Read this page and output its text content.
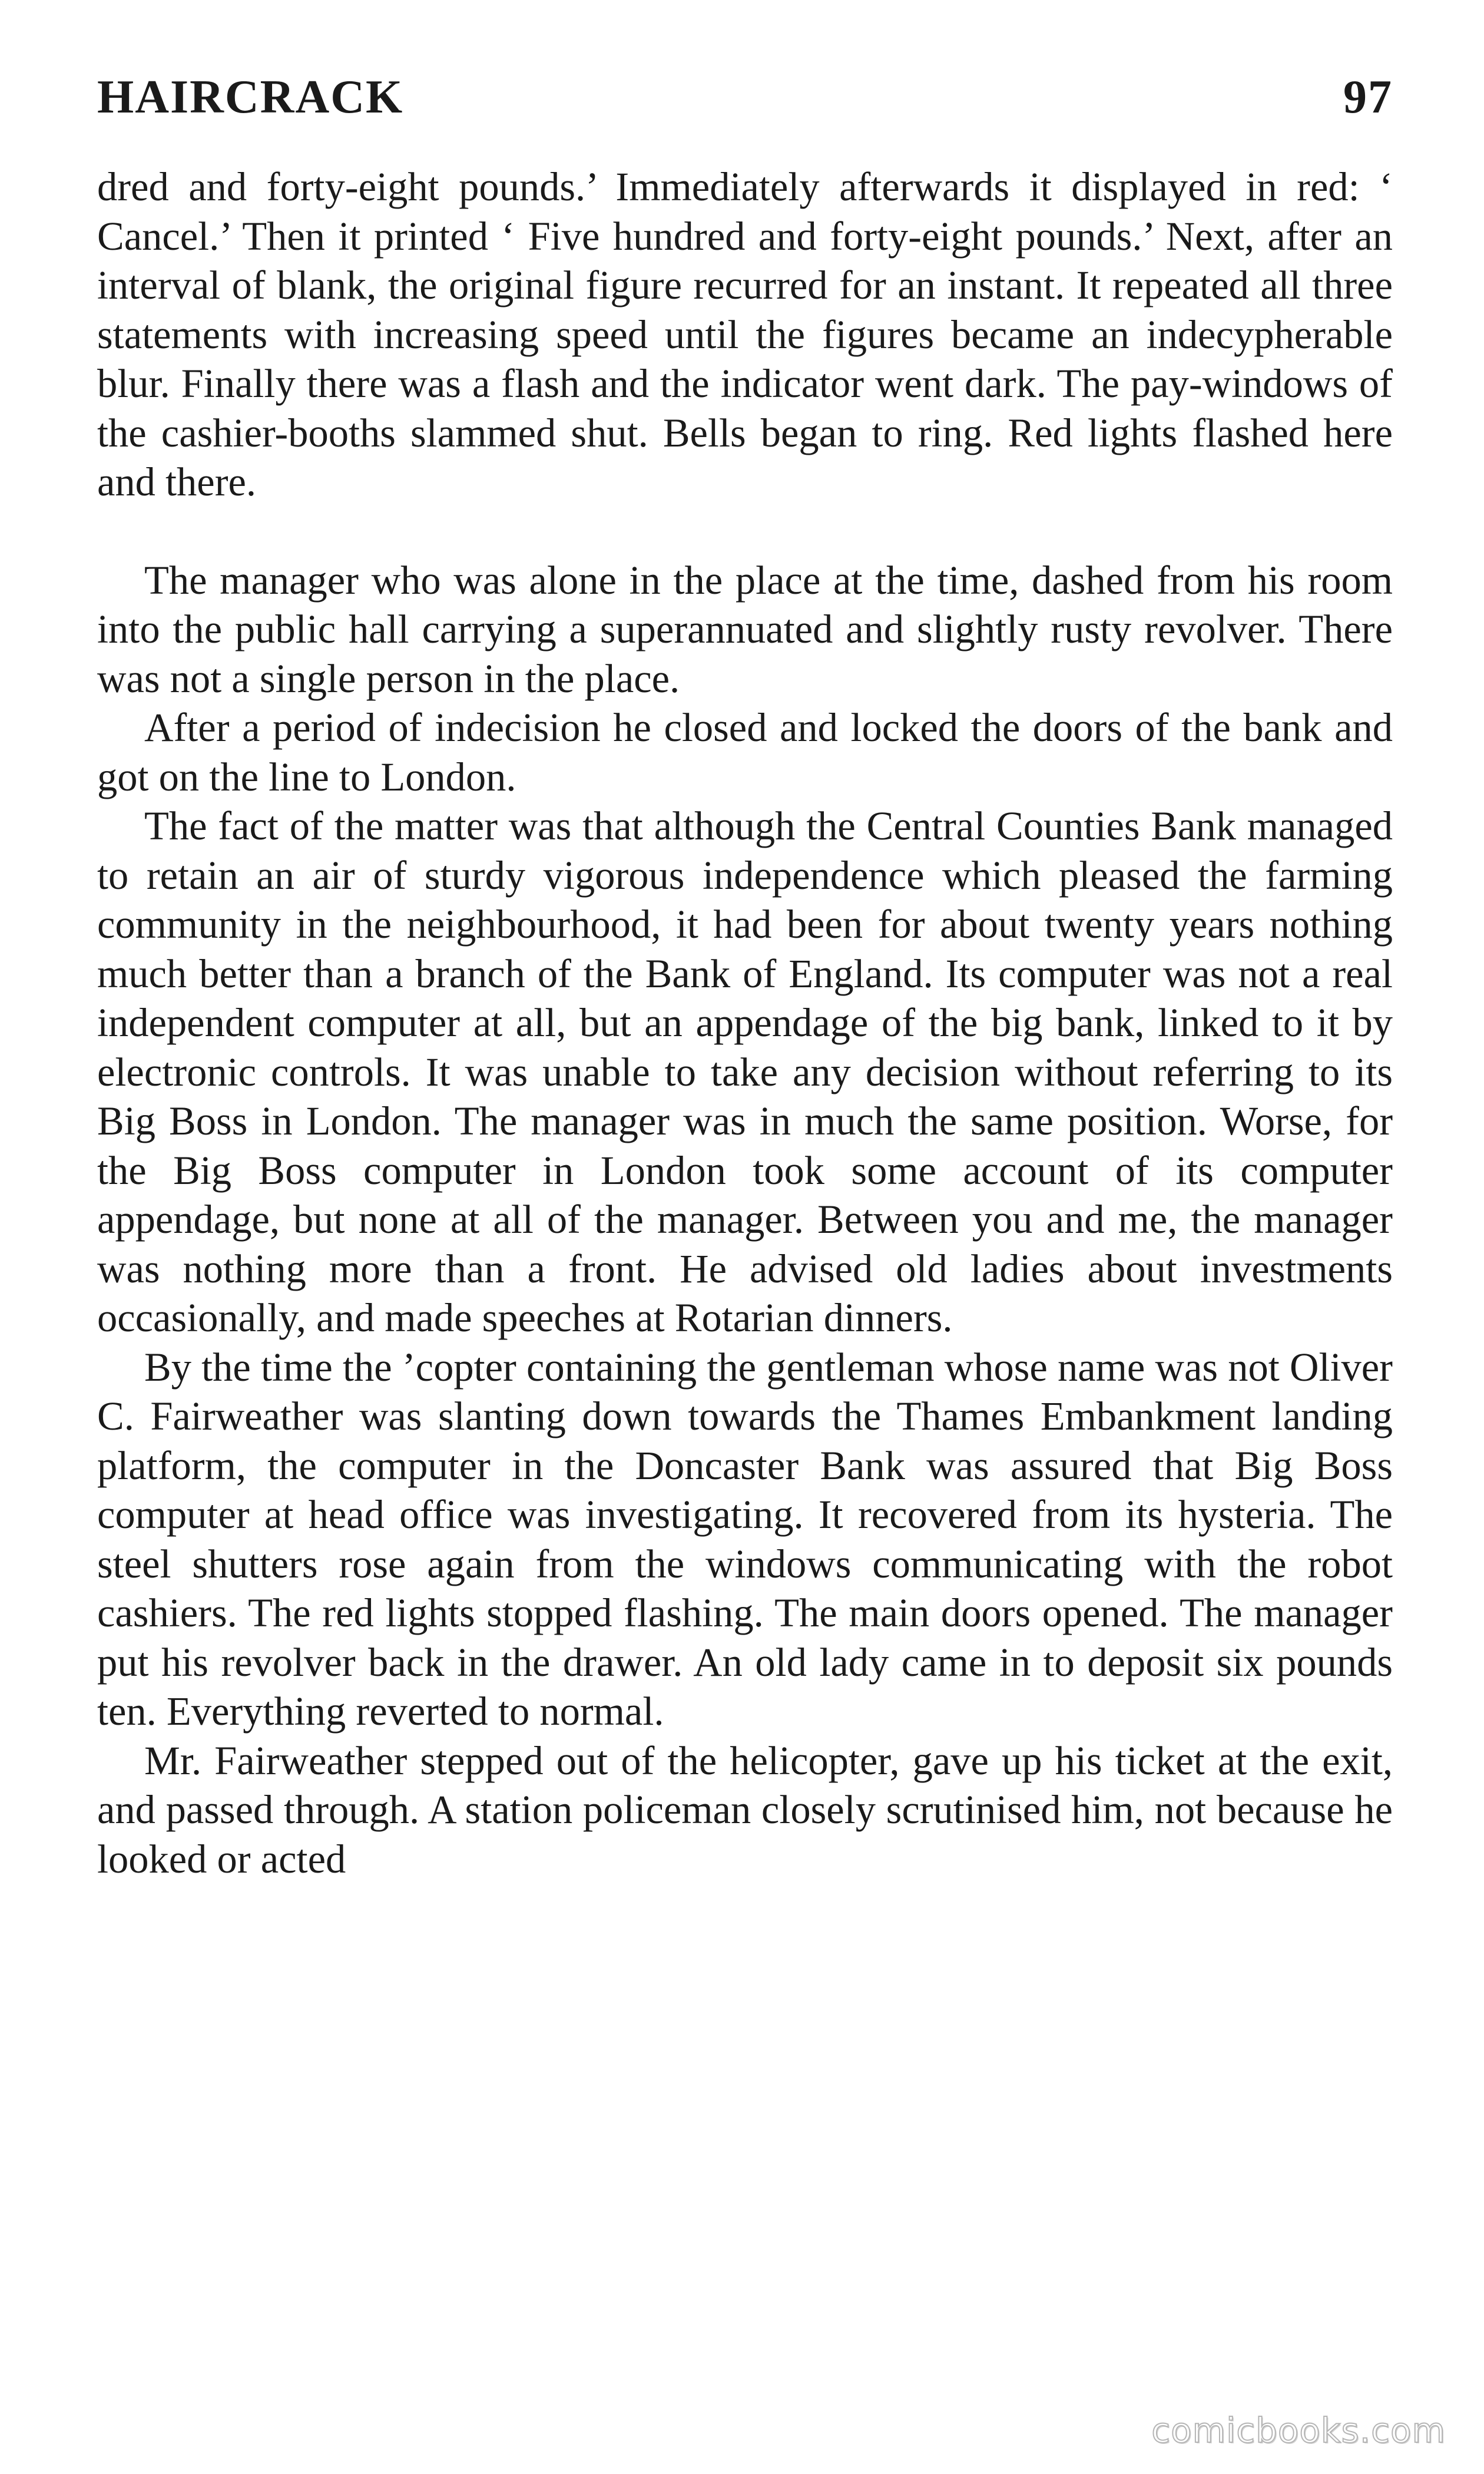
HAIRCRACK	97

dred and forty-eight pounds.’ Immediately afterwards it displayed in red: ‘ Cancel.’ Then it printed ‘ Five hundred and forty-eight pounds.’ Next, after an interval of blank, the original figure recurred for an instant. It repeated all three statements with increasing speed until the figures became an indecypherable blur. Finally there was a flash and the indicator went dark. The pay-windows of the cashier-booths slammed shut. Bells began to ring. Red lights flashed here and there.

The manager who was alone in the place at the time, dashed from his room into the public hall carrying a superannuated and slightly rusty revolver. There was not a single person in the place.

After a period of indecision he closed and locked the doors of the bank and got on the line to London.

The fact of the matter was that although the Central Counties Bank managed to retain an air of sturdy vigorous independence which pleased the farming community in the neighbourhood, it had been for about twenty years nothing much better than a branch of the Bank of England. Its computer was not a real independent computer at all, but an appendage of the big bank, linked to it by electronic controls. It was unable to take any decision without referring to its Big Boss in London. The manager was in much the same position. Worse, for the Big Boss computer in London took some account of its computer appendage, but none at all of the manager. Between you and me, the manager was nothing more than a front. He advised old ladies about investments occasionally, and made speeches at Rotarian dinners.

By the time the ’copter containing the gentleman whose name was not Oliver C. Fairweather was slanting down towards the Thames Embankment landing platform, the computer in the Doncaster Bank was assured that Big Boss computer at head office was investigating. It recovered from its hysteria. The steel shutters rose again from the windows communicating with the robot cashiers. The red lights stopped flashing. The main doors opened. The manager put his revolver back in the drawer. An old lady came in to deposit six pounds ten. Everything reverted to normal.

Mr. Fairweather stepped out of the helicopter, gave up his ticket at the exit, and passed through. A station policeman closely scrutinised him, not because he looked or acted

comicbooks.com
